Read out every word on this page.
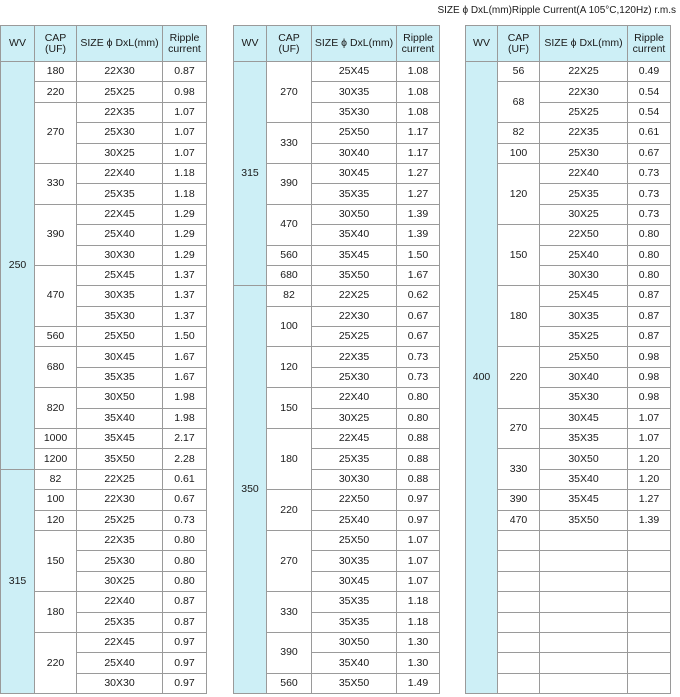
SIZE ϕ DxL(mm)Ripple Current(A 105°C,120Hz) r.m.s
WV	CAP (UF)	SIZE ϕ DxL(mm)	Ripple current
250	180	22X30	0.87
	220	25X25	0.98
	270	22X35	1.07
		25X30	1.07
		30X25	1.07
	330	22X40	1.18
		25X35	1.18
	390	22X45	1.29
		25X40	1.29
		30X30	1.29
	470	25X45	1.37
		30X35	1.37
		35X30	1.37
	560	25X50	1.50
	680	30X45	1.67
		35X35	1.67
	820	30X50	1.98
		35X40	1.98
	1000	35X45	2.17
	1200	35X50	2.28
315	82	22X25	0.61
	100	22X30	0.67
	120	25X25	0.73
	150	22X35	0.80
		25X30	0.80
		30X25	0.80
	180	22X40	0.87
		25X35	0.87
	220	22X45	0.97
		25X40	0.97
		30X30	0.97
WV	CAP (UF)	SIZE ϕ DxL(mm)	Ripple current
315	270	25X45	1.08
		30X35	1.08
		35X30	1.08
	330	25X50	1.17
		30X40	1.17
	390	30X45	1.27
		35X35	1.27
	470	30X50	1.39
		35X40	1.39
	560	35X45	1.50
	680	35X50	1.67
350	82	22X25	0.62
	100	22X30	0.67
		25X25	0.67
	120	22X35	0.73
		25X30	0.73
	150	22X40	0.80
		30X25	0.80
	180	22X45	0.88
		25X35	0.88
		30X30	0.88
	220	22X50	0.97
		25X40	0.97
	270	25X50	1.07
		30X35	1.07
		30X45	1.07
	330	35X35	1.18
		35X35	1.18
	390	30X50	1.30
		35X40	1.30
	560	35X50	1.49
WV	CAP (UF)	SIZE ϕ DxL(mm)	Ripple current
400	56	22X25	0.49
	68	22X30	0.54
		25X25	0.54
	82	22X35	0.61
	100	25X30	0.67
	120	22X40	0.73
		25X35	0.73
		30X25	0.73
	150	22X50	0.80
		25X40	0.80
		30X30	0.80
	180	25X45	0.87
		30X35	0.87
		35X25	0.87
	220	25X50	0.98
		30X40	0.98
		35X30	0.98
	270	30X45	1.07
		35X35	1.07
	330	30X50	1.20
		35X40	1.20
	390	35X45	1.27
	470	35X50	1.39
